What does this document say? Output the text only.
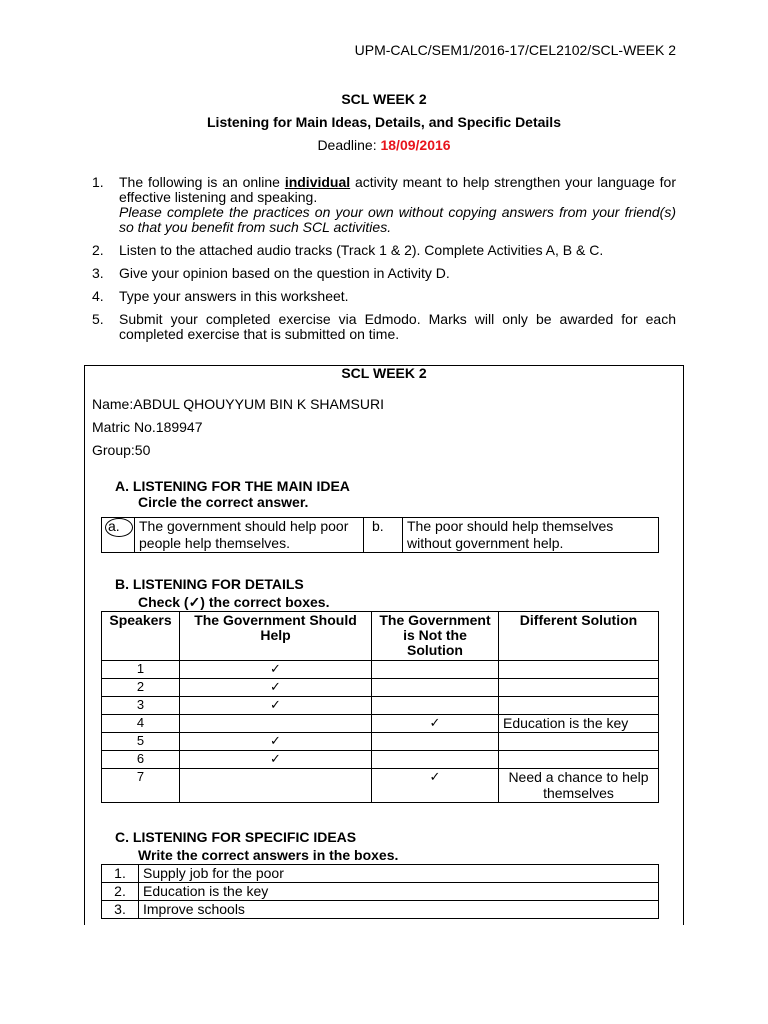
UPM-CALC/SEM1/2016-17/CEL2102/SCL-WEEK 2
SCL WEEK 2
Listening for Main Ideas, Details, and Specific Details
Deadline: 18/09/2016
1. The following is an online individual activity meant to help strengthen your language for effective listening and speaking.
Please complete the practices on your own without copying answers from your friend(s) so that you benefit from such SCL activities.
2. Listen to the attached audio tracks (Track 1 & 2). Complete Activities A, B & C.
3. Give your opinion based on the question in Activity D.
4. Type your answers in this worksheet.
5. Submit your completed exercise via Edmodo. Marks will only be awarded for each completed exercise that is submitted on time.
SCL WEEK 2
Name:ABDUL QHOUYYUM BIN K SHAMSURI
Matric No.189947
Group:50
A. LISTENING FOR THE MAIN IDEA
Circle the correct answer.
a.	The government should help poor people help themselves.	b.	The poor should help themselves without government help.
B. LISTENING FOR DETAILS
Check (✓) the correct boxes.
Speakers	The Government Should Help	The Government is Not the Solution	Different Solution
1	✓		
2	✓		
3	✓		
4		✓	Education is the key
5	✓		
6	✓		
7		✓	Need a chance to help themselves
C. LISTENING FOR SPECIFIC IDEAS
Write the correct answers in the boxes.
1.	Supply job for the poor
2.	Education is the key
3.	Improve schools
